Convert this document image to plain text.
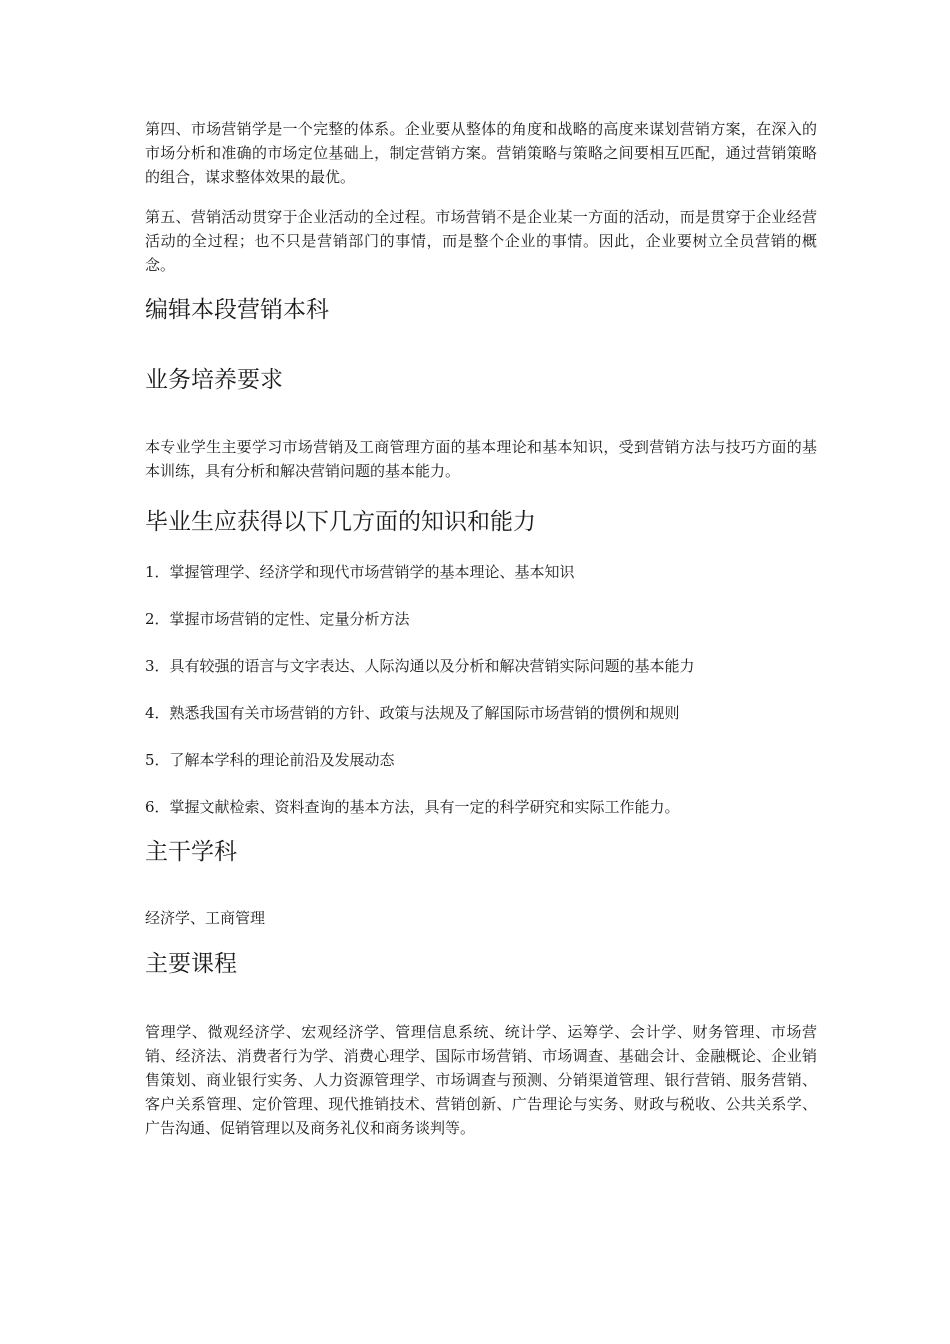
第四、市场营销学是一个完整的体系。企业要从整体的角度和战略的高度来谋划营销方案，在深入的市场分析和准确的市场定位基础上，制定营销方案。营销策略与策略之间要相互匹配，通过营销策略的组合，谋求整体效果的最优。

第五、营销活动贯穿于企业活动的全过程。市场营销不是企业某一方面的活动，而是贯穿于企业经营活动的全过程；也不只是营销部门的事情，而是整个企业的事情。因此，企业要树立全员营销的概念。

编辑本段营销本科
业务培养要求

本专业学生主要学习市场营销及工商管理方面的基本理论和基本知识，受到营销方法与技巧方面的基本训练，具有分析和解决营销问题的基本能力。

毕业生应获得以下几方面的知识和能力

1．掌握管理学、经济学和现代市场营销学的基本理论、基本知识

2．掌握市场营销的定性、定量分析方法

3．具有较强的语言与文字表达、人际沟通以及分析和解决营销实际问题的基本能力

4．熟悉我国有关市场营销的方针、政策与法规及了解国际市场营销的惯例和规则

5．了解本学科的理论前沿及发展动态

6．掌握文献检索、资料查询的基本方法，具有一定的科学研究和实际工作能力。

主干学科

经济学、工商管理

主要课程

管理学、微观经济学、宏观经济学、管理信息系统、统计学、运筹学、会计学、财务管理、市场营销、经济法、消费者行为学、消费心理学、国际市场营销、市场调查、基础会计、金融概论、企业销售策划、商业银行实务、人力资源管理学、市场调查与预测、分销渠道管理、银行营销、服务营销、客户关系管理、定价管理、现代推销技术、营销创新、广告理论与实务、财政与税收、公共关系学、广告沟通、促销管理以及商务礼仪和商务谈判等。
